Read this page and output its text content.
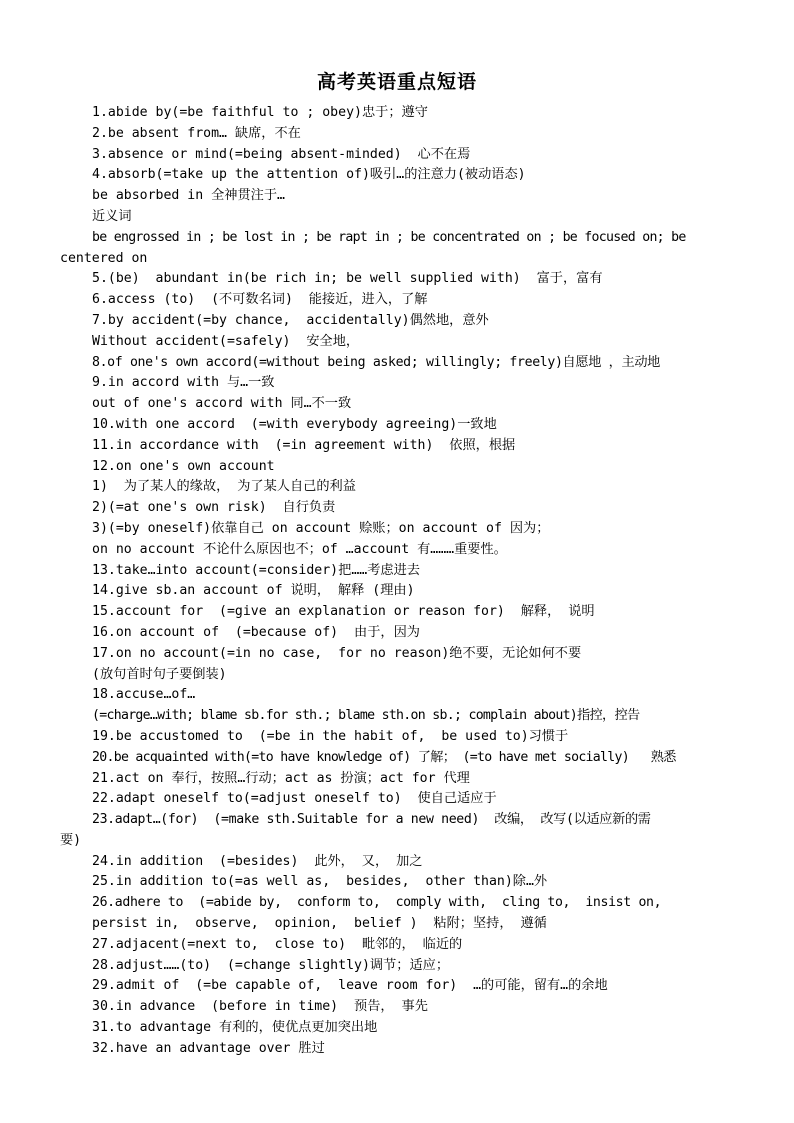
高考英语重点短语
1.abide by(=be faithful to ; obey)忠于；遵守
2.be absent from… 缺席，不在
3.absence or mind(=being absent-minded)  心不在焉
4.absorb(=take up the attention of)吸引…的注意力(被动语态)
be absorbed in 全神贯注于…
近义词
be engrossed in ; be lost in ; be rapt in ; be concentrated on ; be focused on; be
centered on
5.(be)  abundant in(be rich in; be well supplied with)  富于，富有
6.access (to)  (不可数名词)  能接近，进入，了解
7.by accident(=by chance,  accidentally)偶然地，意外
Without accident(=safely)  安全地，
8.of one's own accord(=without being asked; willingly; freely)自愿地 ，主动地
9.in accord with 与…一致
out of one's accord with 同…不一致
10.with one accord  (=with everybody agreeing)一致地
11.in accordance with  (=in agreement with)  依照，根据
12.on one's own account
1)  为了某人的缘故， 为了某人自己的利益
2)(=at one's own risk)  自行负责
3)(=by oneself)依靠自己 on account 赊账；on account of 因为；
on no account 不论什么原因也不；of …account 有………重要性。
13.take…into account(=consider)把……考虑进去
14.give sb.an account of 说明， 解释 (理由)
15.account for  (=give an explanation or reason for)  解释， 说明
16.on account of  (=because of)  由于，因为
17.on no account(=in no case,  for no reason)绝不要，无论如何不要
(放句首时句子要倒装)
18.accuse…of…
(=charge…with; blame sb.for sth.; blame sth.on sb.; complain about)指控，控告
19.be accustomed to  (=be in the habit of,  be used to)习惯于
20.be acquainted with(=to have knowledge of) 了解； (=to have met socially)   熟悉
21.act on 奉行，按照…行动；act as 扮演；act for 代理
22.adapt oneself to(=adjust oneself to)  使自己适应于
23.adapt…(for)  (=make sth.Suitable for a new need)  改编， 改写(以适应新的需
要)
24.in addition  (=besides)  此外， 又， 加之
25.in addition to(=as well as,  besides,  other than)除…外
26.adhere to  (=abide by,  conform to,  comply with,  cling to,  insist on,
persist in,  observe,  opinion,  belief )  粘附；坚持， 遵循
27.adjacent(=next to,  close to)  毗邻的， 临近的
28.adjust……(to)  (=change slightly)调节；适应；
29.admit of  (=be capable of,  leave room for)  …的可能，留有…的余地
30.in advance  (before in time)  预告， 事先
31.to advantage 有利的，使优点更加突出地
32.have an advantage over 胜过
